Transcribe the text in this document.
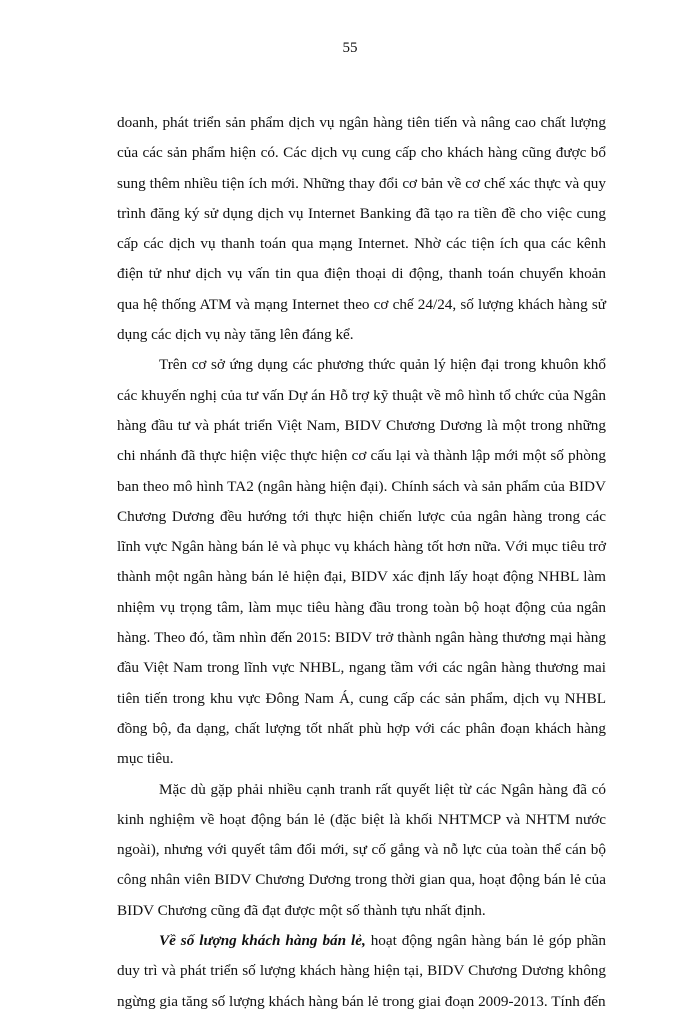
55

doanh, phát triển sản phẩm dịch vụ ngân hàng tiên tiến và nâng cao chất lượng của các sản phẩm hiện có. Các dịch vụ cung cấp cho khách hàng cũng được bổ sung thêm nhiều tiện ích mới. Những thay đổi cơ bản về cơ chế xác thực và quy trình đăng ký sử dụng dịch vụ Internet Banking đã tạo ra tiền đề cho việc cung cấp các dịch vụ thanh toán qua mạng Internet. Nhờ các tiện ích qua các kênh điện tử như dịch vụ vấn tin qua điện thoại di động, thanh toán chuyển khoản qua hệ thống ATM và mạng Internet theo cơ chế 24/24, số lượng khách hàng sử dụng các dịch vụ này tăng lên đáng kể.

Trên cơ sở ứng dụng các phương thức quản lý hiện đại trong khuôn khổ các khuyến nghị của tư vấn Dự án Hỗ trợ kỹ thuật về mô hình tổ chức của Ngân hàng đầu tư và phát triển Việt Nam, BIDV Chương Dương là một trong những chi nhánh đã thực hiện việc thực hiện cơ cấu lại và thành lập mới một số phòng ban theo mô hình TA2 (ngân hàng hiện đại). Chính sách và sản phẩm của BIDV Chương Dương đều hướng tới thực hiện chiến lược của ngân hàng trong các lĩnh vực Ngân hàng bán lẻ và phục vụ khách hàng tốt hơn nữa. Với mục tiêu trở thành một ngân hàng bán lẻ hiện đại, BIDV xác định lấy hoạt động NHBL làm nhiệm vụ trọng tâm, làm mục tiêu hàng đầu trong toàn bộ hoạt động của ngân hàng. Theo đó, tầm nhìn đến 2015: BIDV trở thành ngân hàng thương mại hàng đầu Việt Nam trong lĩnh vực NHBL, ngang tầm với các ngân hàng thương mai tiên tiến trong khu vực Đông Nam Á, cung cấp các sản phẩm, dịch vụ NHBL đồng bộ, đa dạng, chất lượng tốt nhất phù hợp với các phân đoạn khách hàng mục tiêu.

Mặc dù gặp phải nhiều cạnh tranh rất quyết liệt từ các Ngân hàng đã có kinh nghiệm về hoạt động bán lẻ (đặc biệt là khối NHTMCP và NHTM nước ngoài), nhưng với quyết tâm đổi mới, sự cố gắng và nỗ lực của toàn thể cán bộ công nhân viên BIDV Chương Dương trong thời gian qua, hoạt động bán lẻ của BIDV Chương cũng đã đạt được một số thành tựu nhất định.

Về số lượng khách hàng bán lẻ, hoạt động ngân hàng bán lẻ góp phần duy trì và phát triển số lượng khách hàng hiện tại, BIDV Chương Dương không ngừng gia tăng số lượng khách hàng bán lẻ trong giai đoạn 2009-2013. Tính đến
